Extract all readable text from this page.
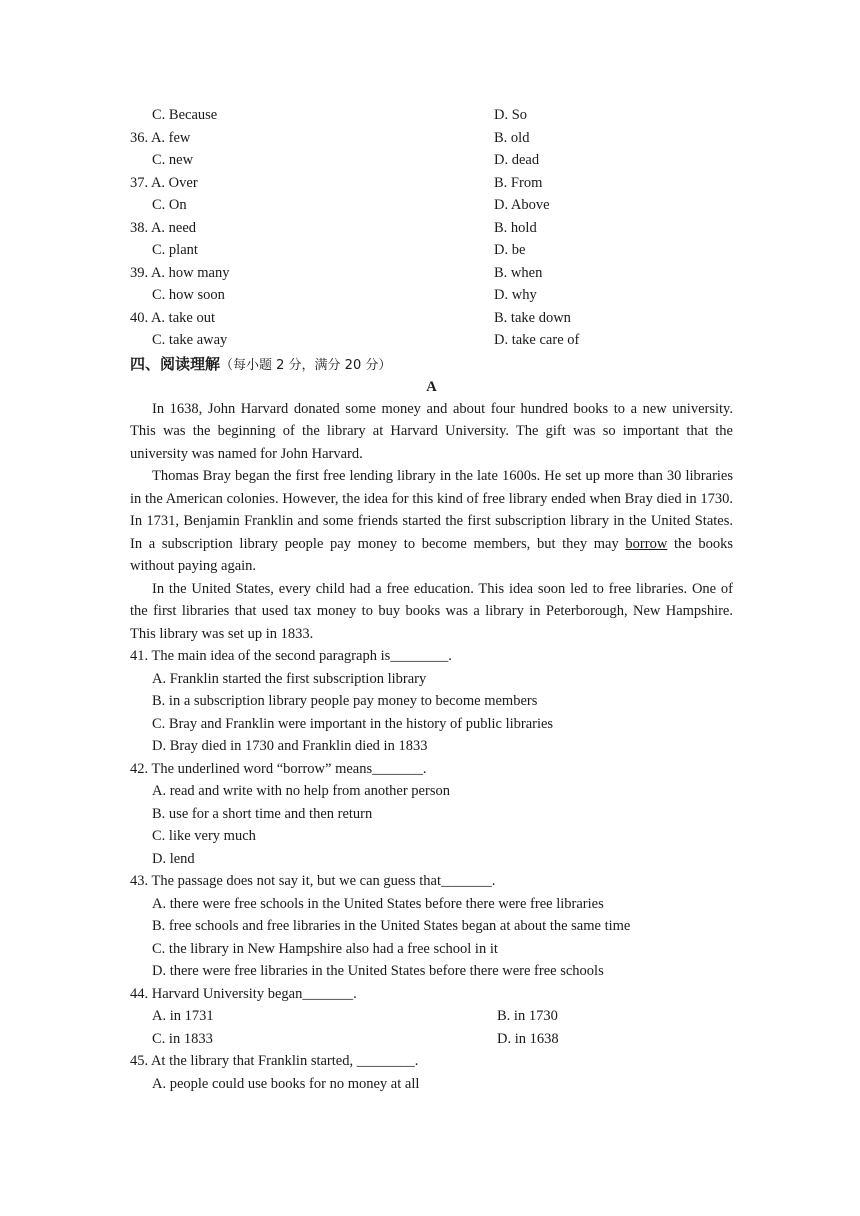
C. Because	D. So
36. A. few	B. old
C. new	D. dead
37. A. Over	B. From
C. On	D. Above
38. A. need	B. hold
C. plant	D. be
39. A. how many	B. when
C. how soon	D. why
40. A. take out	B. take down
C. take away	D. take care of
四、阅读理解（每小题 2 分，满分 20 分）
A

In 1638, John Harvard donated some money and about four hundred books to a new university. This was the beginning of the library at Harvard University. The gift was so important that the university was named for John Harvard.

Thomas Bray began the first free lending library in the late 1600s. He set up more than 30 libraries in the American colonies. However, the idea for this kind of free library ended when Bray died in 1730. In 1731, Benjamin Franklin and some friends started the first subscription library in the United States. In a subscription library people pay money to become members, but they may borrow the books without paying again.

In the United States, every child had a free education. This idea soon led to free libraries. One of the first libraries that used tax money to buy books was a library in Peterborough, New Hampshire. This library was set up in 1833.

41. The main idea of the second paragraph is________.
A. Franklin started the first subscription library
B. in a subscription library people pay money to become members
C. Bray and Franklin were important in the history of public libraries
D. Bray died in 1730 and Franklin died in 1833
42. The underlined word “borrow” means_______.
A. read and write with no help from another person
B. use for a short time and then return
C. like very much
D. lend
43. The passage does not say it, but we can guess that_______.
A. there were free schools in the United States before there were free libraries
B. free schools and free libraries in the United States began at about the same time
C. the library in New Hampshire also had a free school in it
D. there were free libraries in the United States before there were free schools
44. Harvard University began_______.
A. in 1731	B. in 1730
C. in 1833	D. in 1638
45. At the library that Franklin started, ________.
A. people could use books for no money at all
